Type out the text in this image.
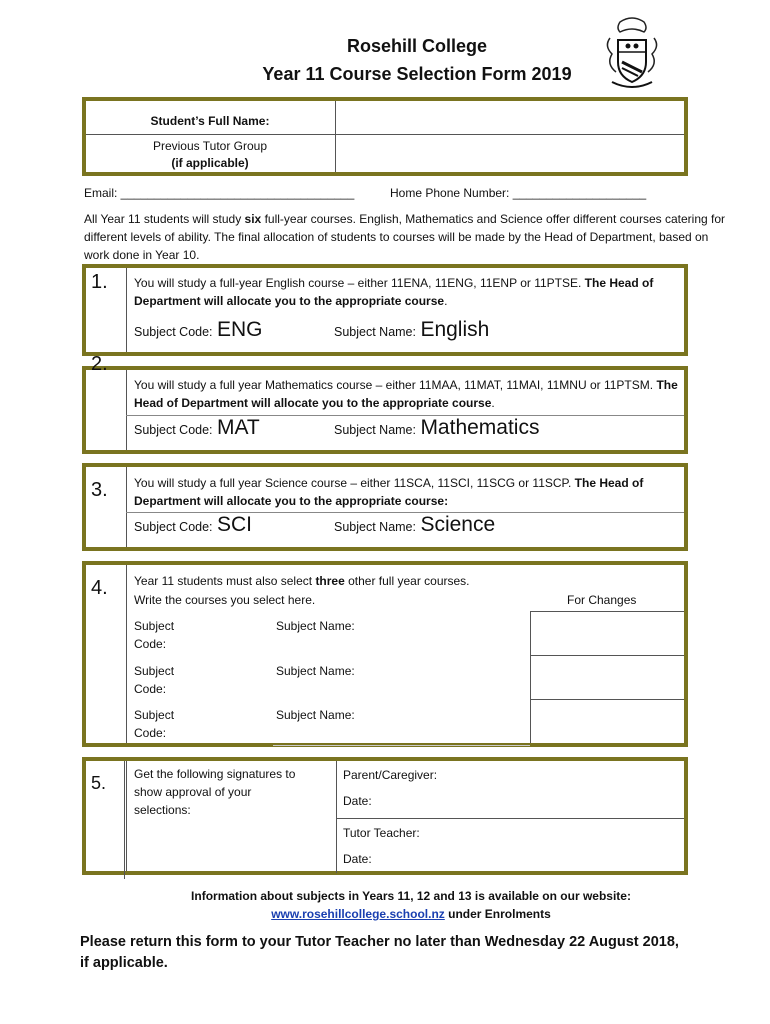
Rosehill College
Year 11 Course Selection Form 2019
Student’s Full Name:
Previous Tutor Group
(if applicable)
Email: ___________________________________	Home Phone Number: ____________________
All Year 11 students will study six full-year courses. English, Mathematics and Science offer different courses catering for different levels of ability. The final allocation of students to courses will be made by the Head of Department, based on work done in Year 10.
1. You will study a full-year English course – either 11ENA, 11ENG, 11ENP or 11PTSE. The Head of Department will allocate you to the appropriate course.
Subject Code: ENG	Subject Name: English
2.
You will study a full year Mathematics course – either 11MAA, 11MAT, 11MAI, 11MNU or 11PTSM. The Head of Department will allocate you to the appropriate course.
Subject Code: MAT	Subject Name: Mathematics
3. You will study a full year Science course – either 11SCA, 11SCI, 11SCG or 11SCP. The Head of Department will allocate you to the appropriate course:
Subject Code: SCI	Subject Name: Science
4. Year 11 students must also select three other full year courses.
Write the courses you select here.	For Changes
Subject
Code:
Subject Name:
Subject
Code:
Subject Name:
Subject
Code:
Subject Name:
5. Get the following signatures to
show approval of your
selections:
Parent/Caregiver:
Date:
Tutor Teacher:
Date:
Information about subjects in Years 11, 12 and 13 is available on our website:
www.rosehillcollege.school.nz under Enrolments
Please return this form to your Tutor Teacher no later than Wednesday 22 August 2018,
if applicable.
